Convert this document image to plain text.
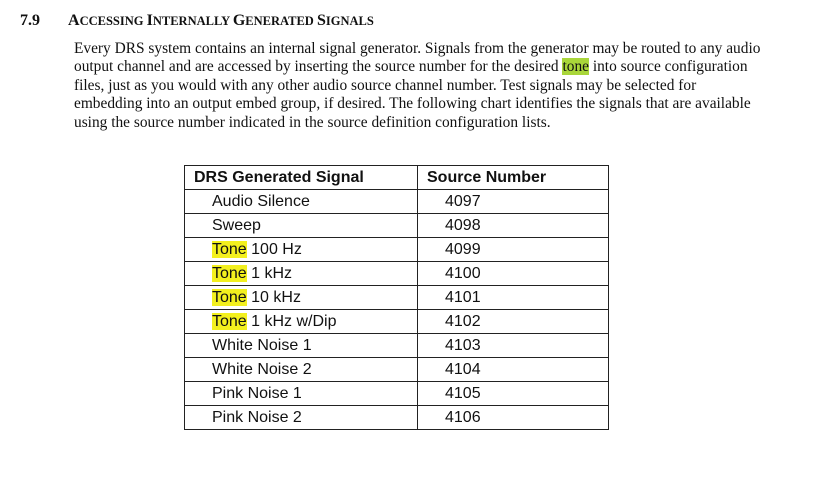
7.9 ACCESSING INTERNALLY GENERATED SIGNALS

Every DRS system contains an internal signal generator. Signals from the generator may be routed to any audio output channel and are accessed by inserting the source number for the desired tone into source configuration files, just as you would with any other audio source channel number. Test signals may be selected for embedding into an output embed group, if desired. The following chart identifies the signals that are available using the source number indicated in the source definition configuration lists.

DRS Generated Signal	Source Number
Audio Silence	4097
Sweep	4098
Tone 100 Hz	4099
Tone 1 kHz	4100
Tone 10 kHz	4101
Tone 1 kHz w/Dip	4102
White Noise 1	4103
White Noise 2	4104
Pink Noise 1	4105
Pink Noise 2	4106
